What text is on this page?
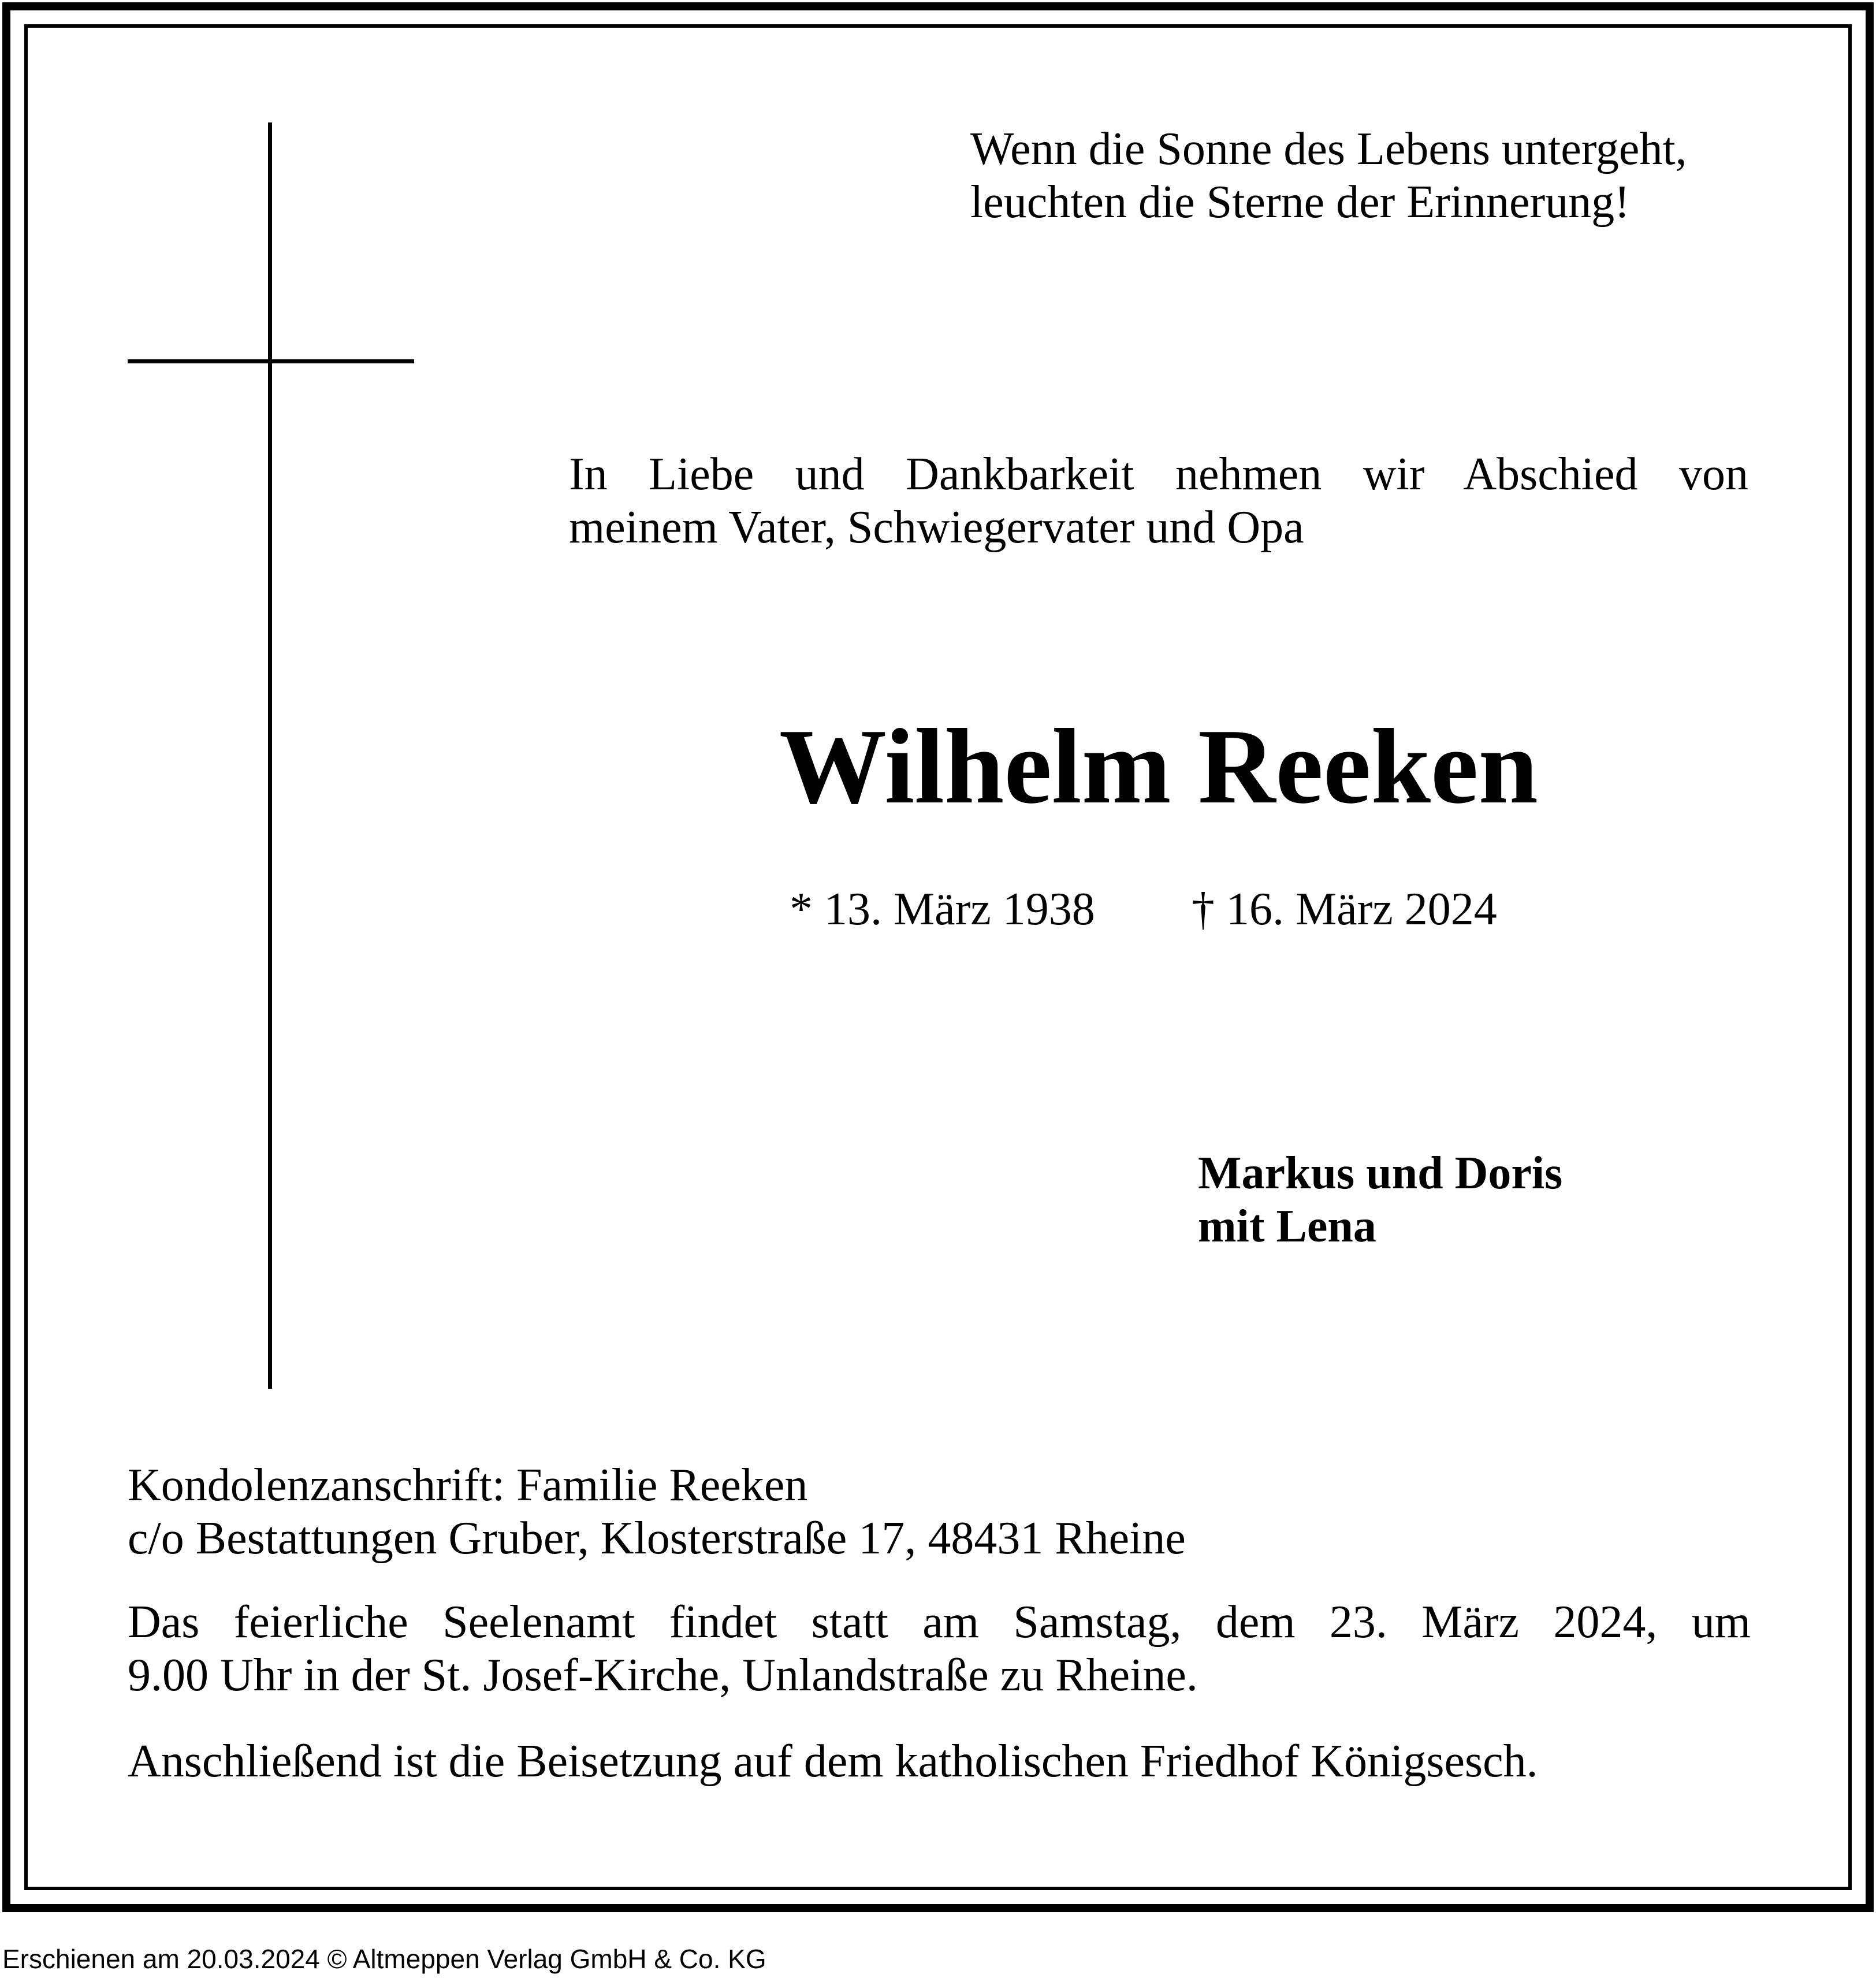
Wenn die Sonne des Lebens untergeht,
leuchten die Sterne der Erinnerung!
In Liebe und Dankbarkeit nehmen wir Abschied von
meinem Vater, Schwiegervater und Opa
Wilhelm Reeken
* 13. März 1938 † 16. März 2024
Markus und Doris
mit Lena
Kondolenzanschrift: Familie Reeken
c/o Bestattungen Gruber, Klosterstraße 17, 48431 Rheine
Das feierliche Seelenamt findet statt am Samstag, dem 23. März 2024, um
9.00 Uhr in der St. Josef-Kirche, Unlandstraße zu Rheine.
Anschließend ist die Beisetzung auf dem katholischen Friedhof Königsesch.
Erschienen am 20.03.2024 © Altmeppen Verlag GmbH & Co. KG
